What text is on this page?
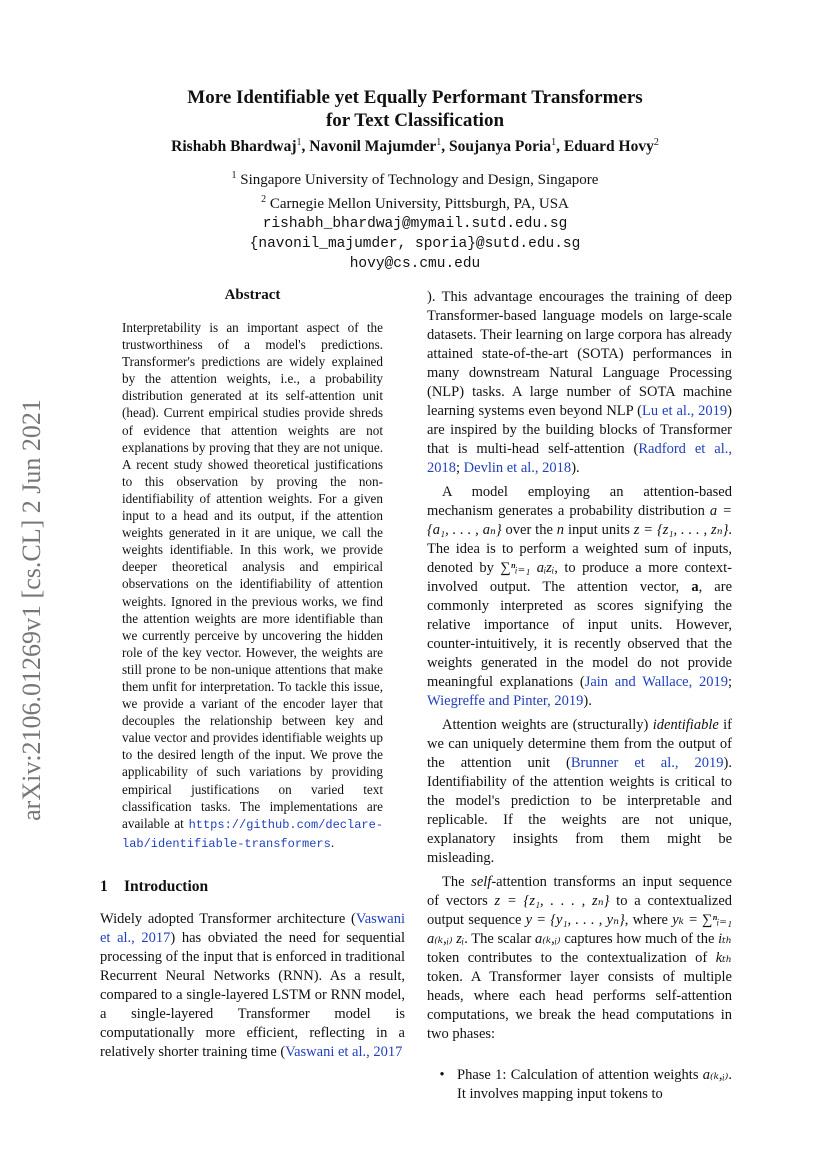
arXiv:2106.01269v1 [cs.CL] 2 Jun 2021
More Identifiable yet Equally Performant Transformers
for Text Classification
Rishabh Bhardwaj$^1$, Navonil Majumder$^1$, Soujanya Poria$^1$, Eduard Hovy$^2$
$^1$ Singapore University of Technology and Design, Singapore
$^2$ Carnegie Mellon University, Pittsburgh, PA, USA
rishabh_bhardwaj@mymail.sutd.edu.sg
{navonil_majumder, sporia}@sutd.edu.sg
hovy@cs.cmu.edu
Abstract
Interpretability is an important aspect of the trustworthiness of a model's predictions. Transformer's predictions are widely explained by the attention weights, i.e., a probability distribution generated at its self-attention unit (head). Current empirical studies provide shreds of evidence that attention weights are not explanations by proving that they are not unique. A recent study showed theoretical justifications to this observation by proving the non-identifiability of attention weights. For a given input to a head and its output, if the attention weights generated in it are unique, we call the weights identifiable. In this work, we provide deeper theoretical analysis and empirical observations on the identifiability of attention weights. Ignored in the previous works, we find the attention weights are more identifiable than we currently perceive by uncovering the hidden role of the key vector. However, the weights are still prone to be non-unique attentions that make them unfit for interpretation. To tackle this issue, we provide a variant of the encoder layer that decouples the relationship between key and value vector and provides identifiable weights up to the desired length of the input. We prove the applicability of such variations by providing empirical justifications on varied text classification tasks. The implementations are available at https://github.com/declare-lab/identifiable-transformers.
1 Introduction

Widely adopted Transformer architecture (Vaswani et al., 2017) has obviated the need for sequential processing of the input that is enforced in traditional Recurrent Neural Networks (RNN). As a result, compared to a single-layered LSTM or RNN model, a single-layered Transformer model is computationally more efficient, reflecting in a relatively shorter training time (Vaswani et al., 2017

). This advantage encourages the training of deep Transformer-based language models on large-scale datasets. Their learning on large corpora has already attained state-of-the-art (SOTA) performances in many downstream Natural Language Processing (NLP) tasks. A large number of SOTA machine learning systems even beyond NLP (Lu et al., 2019) are inspired by the building blocks of Transformer that is multi-head self-attention (Radford et al., 2018; Devlin et al., 2018).

A model employing an attention-based mechanism generates a probability distribution a = {a₁, . . . , aₙ} over the n input units z = {z₁, . . . , zₙ}. The idea is to perform a weighted sum of inputs, denoted by ∑ⁿᵢ₌₁ aᵢzᵢ, to produce a more context-involved output. The attention vector, a, are commonly interpreted as scores signifying the relative importance of input units. However, counter-intuitively, it is recently observed that the weights generated in the model do not provide meaningful explanations (Jain and Wallace, 2019; Wiegreffe and Pinter, 2019).

Attention weights are (structurally) identifiable if we can uniquely determine them from the output of the attention unit (Brunner et al., 2019). Identifiability of the attention weights is critical to the model's prediction to be interpretable and replicable. If the weights are not unique, explanatory insights from them might be misleading.

The self-attention transforms an input sequence of vectors z = {z₁, . . . , zₙ} to a contextualized output sequence y = {y₁, . . . , yₙ}, where yₖ = ∑ⁿᵢ₌₁ a₍ₖ,ᵢ₎ zᵢ. The scalar a₍ₖ,ᵢ₎ captures how much of the iₜₕ token contributes to the contextualization of kₜₕ token. A Transformer layer consists of multiple heads, where each head performs self-attention computations, we break the head computations in two phases:

• Phase 1: Calculation of attention weights a₍ₖ,ᵢ₎. It involves mapping input tokens to
